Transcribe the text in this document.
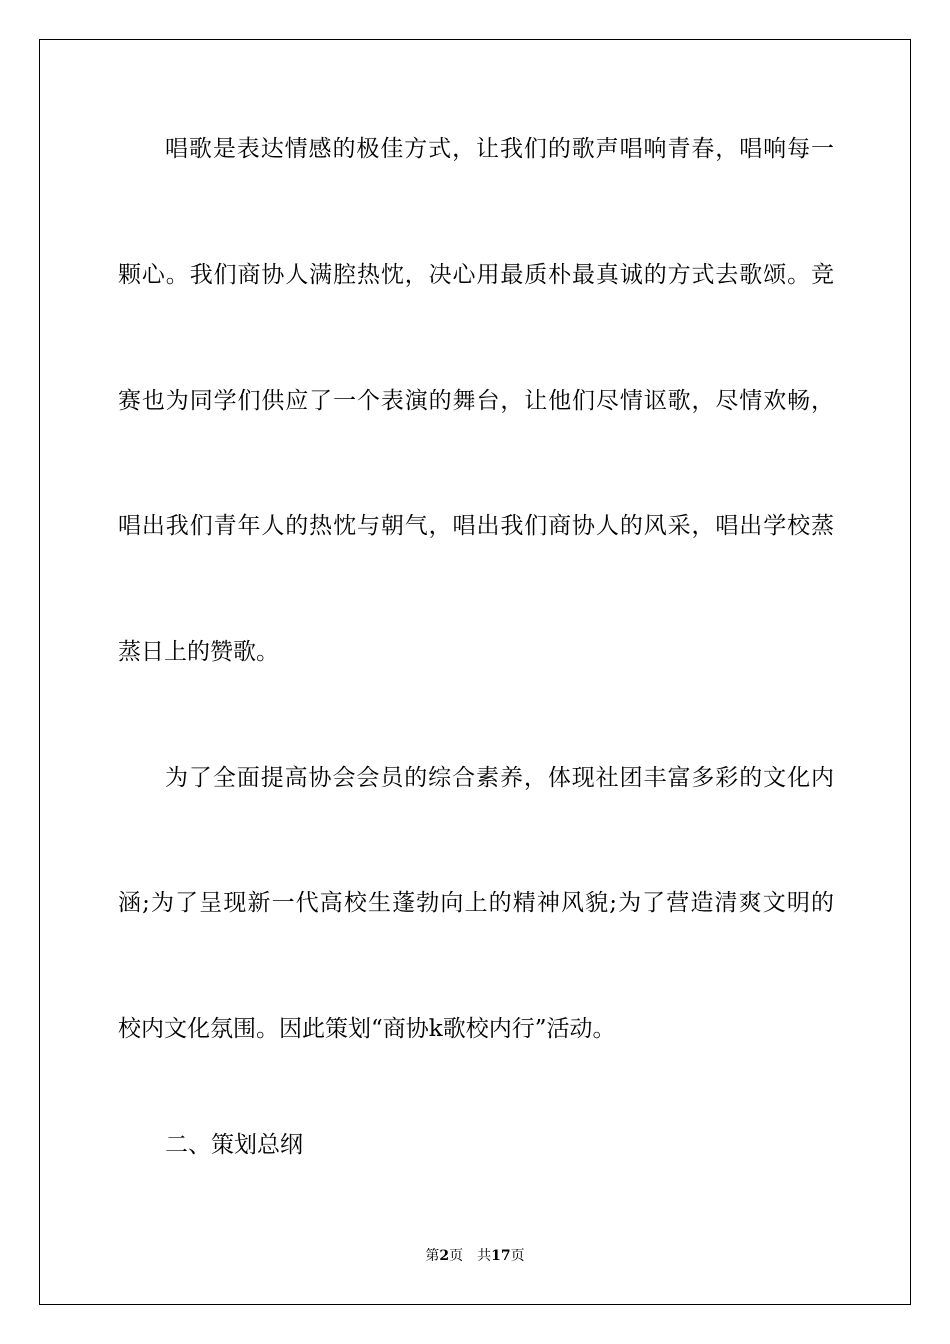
唱歌是表达情感的极佳方式，让我们的歌声唱响青春，唱响每一
颗心。我们商协人满腔热忱，决心用最质朴最真诚的方式去歌颂。竞
赛也为同学们供应了一个表演的舞台，让他们尽情讴歌，尽情欢畅，
唱出我们青年人的热忱与朝气，唱出我们商协人的风采，唱出学校蒸
蒸日上的赞歌。
为了全面提高协会会员的综合素养，体现社团丰富多彩的文化内
涵;为了呈现新一代高校生蓬勃向上的精神风貌;为了营造清爽文明的
校内文化氛围。因此策划“商协k歌校内行”活动。
二、策划总纲
第2页 共17页
